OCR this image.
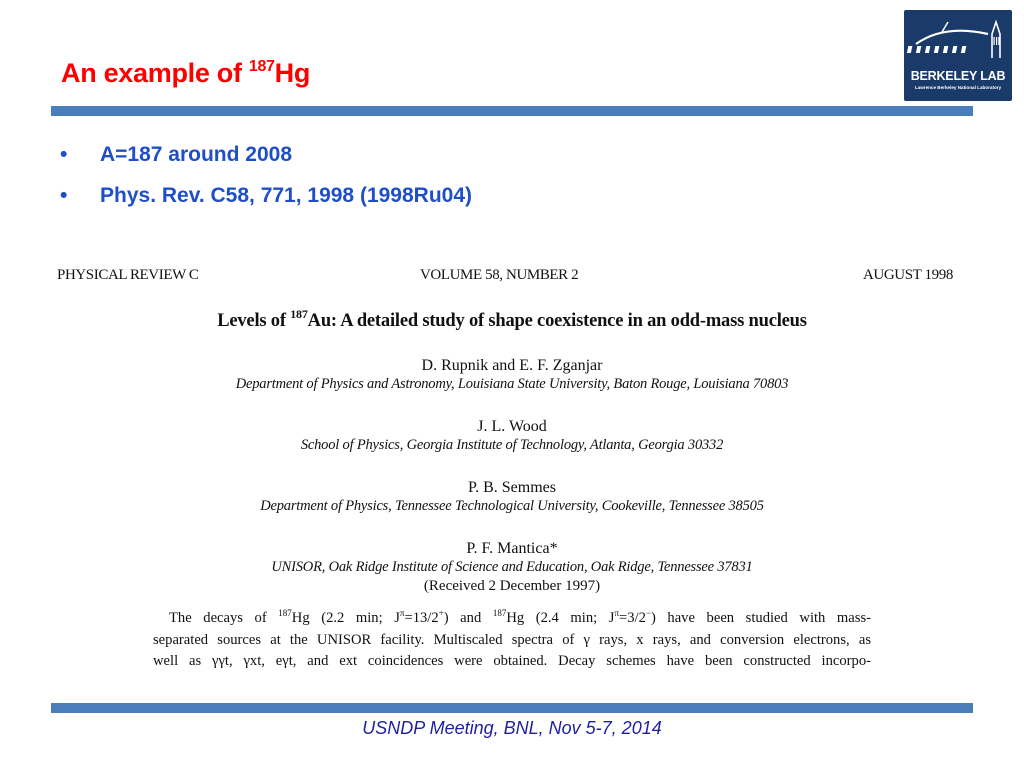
An example of $^{187}$Hg	BERKELEY LAB
Lawrence Berkeley National Laboratory
• A=187 around 2008
• Phys. Rev. C58, 771, 1998 (1998Ru04)
PHYSICAL REVIEW C	VOLUME 58, NUMBER 2	AUGUST 1998
Levels of $^{187}$Au: A detailed study of shape coexistence in an odd-mass nucleus
D. Rupnik and E. F. Zganjar
Department of Physics and Astronomy, Louisiana State University, Baton Rouge, Louisiana 70803
J. L. Wood
School of Physics, Georgia Institute of Technology, Atlanta, Georgia 30332
P. B. Semmes
Department of Physics, Tennessee Technological University, Cookeville, Tennessee 38505
P. F. Mantica*
UNISOR, Oak Ridge Institute of Science and Education, Oak Ridge, Tennessee 37831
(Received 2 December 1997)
The decays of $^{187}$Hg (2.2 min; $J^\pi=13/2^+$) and $^{187}$Hg (2.4 min; $J^\pi=3/2^-$) have been studied with mass-
separated sources at the UNISOR facility. Multiscaled spectra of γ rays, x rays, and conversion electrons, as
well as γγt, γxt, eγt, and ext coincidences were obtained. Decay schemes have been constructed incorpo-
USNDP Meeting, BNL, Nov 5-7, 2014
